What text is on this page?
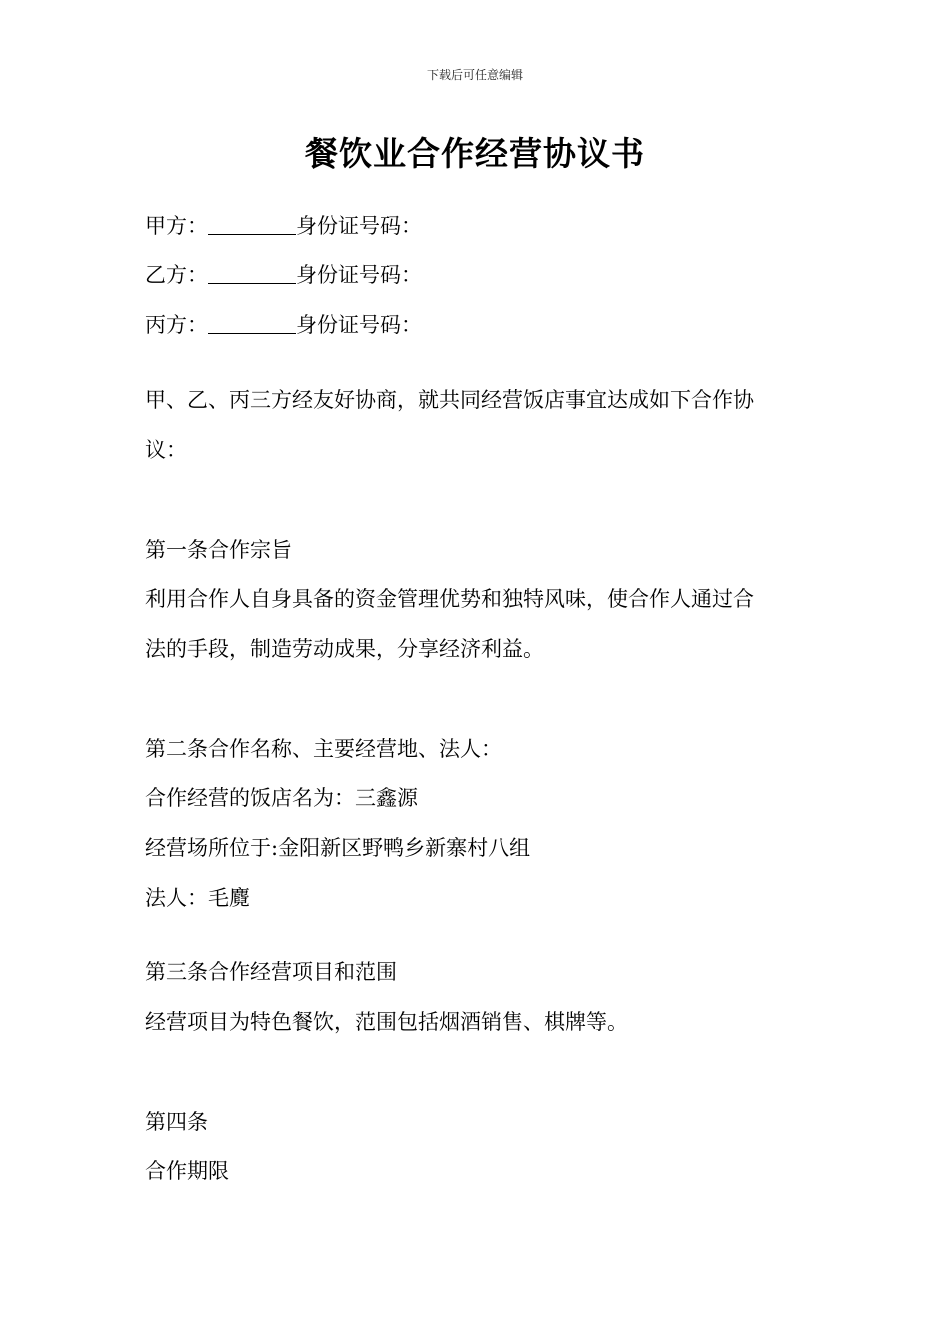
下载后可任意编辑
餐饮业合作经营协议书
甲方：	身份证号码：
乙方：	身份证号码：
丙方：	身份证号码：
甲、乙、丙三方经友好协商，就共同经营饭店事宜达成如下合作协
议：
第一条合作宗旨
利用合作人自身具备的资金管理优势和独特风味，使合作人通过合
法的手段，制造劳动成果，分享经济利益。
第二条合作名称、主要经营地、法人：
合作经营的饭店名为：三鑫源
经营场所位于:金阳新区野鸭乡新寨村八组
法人：毛麑
第三条合作经营项目和范围
经营项目为特色餐饮，范围包括烟酒销售、棋牌等。
第四条
合作期限
